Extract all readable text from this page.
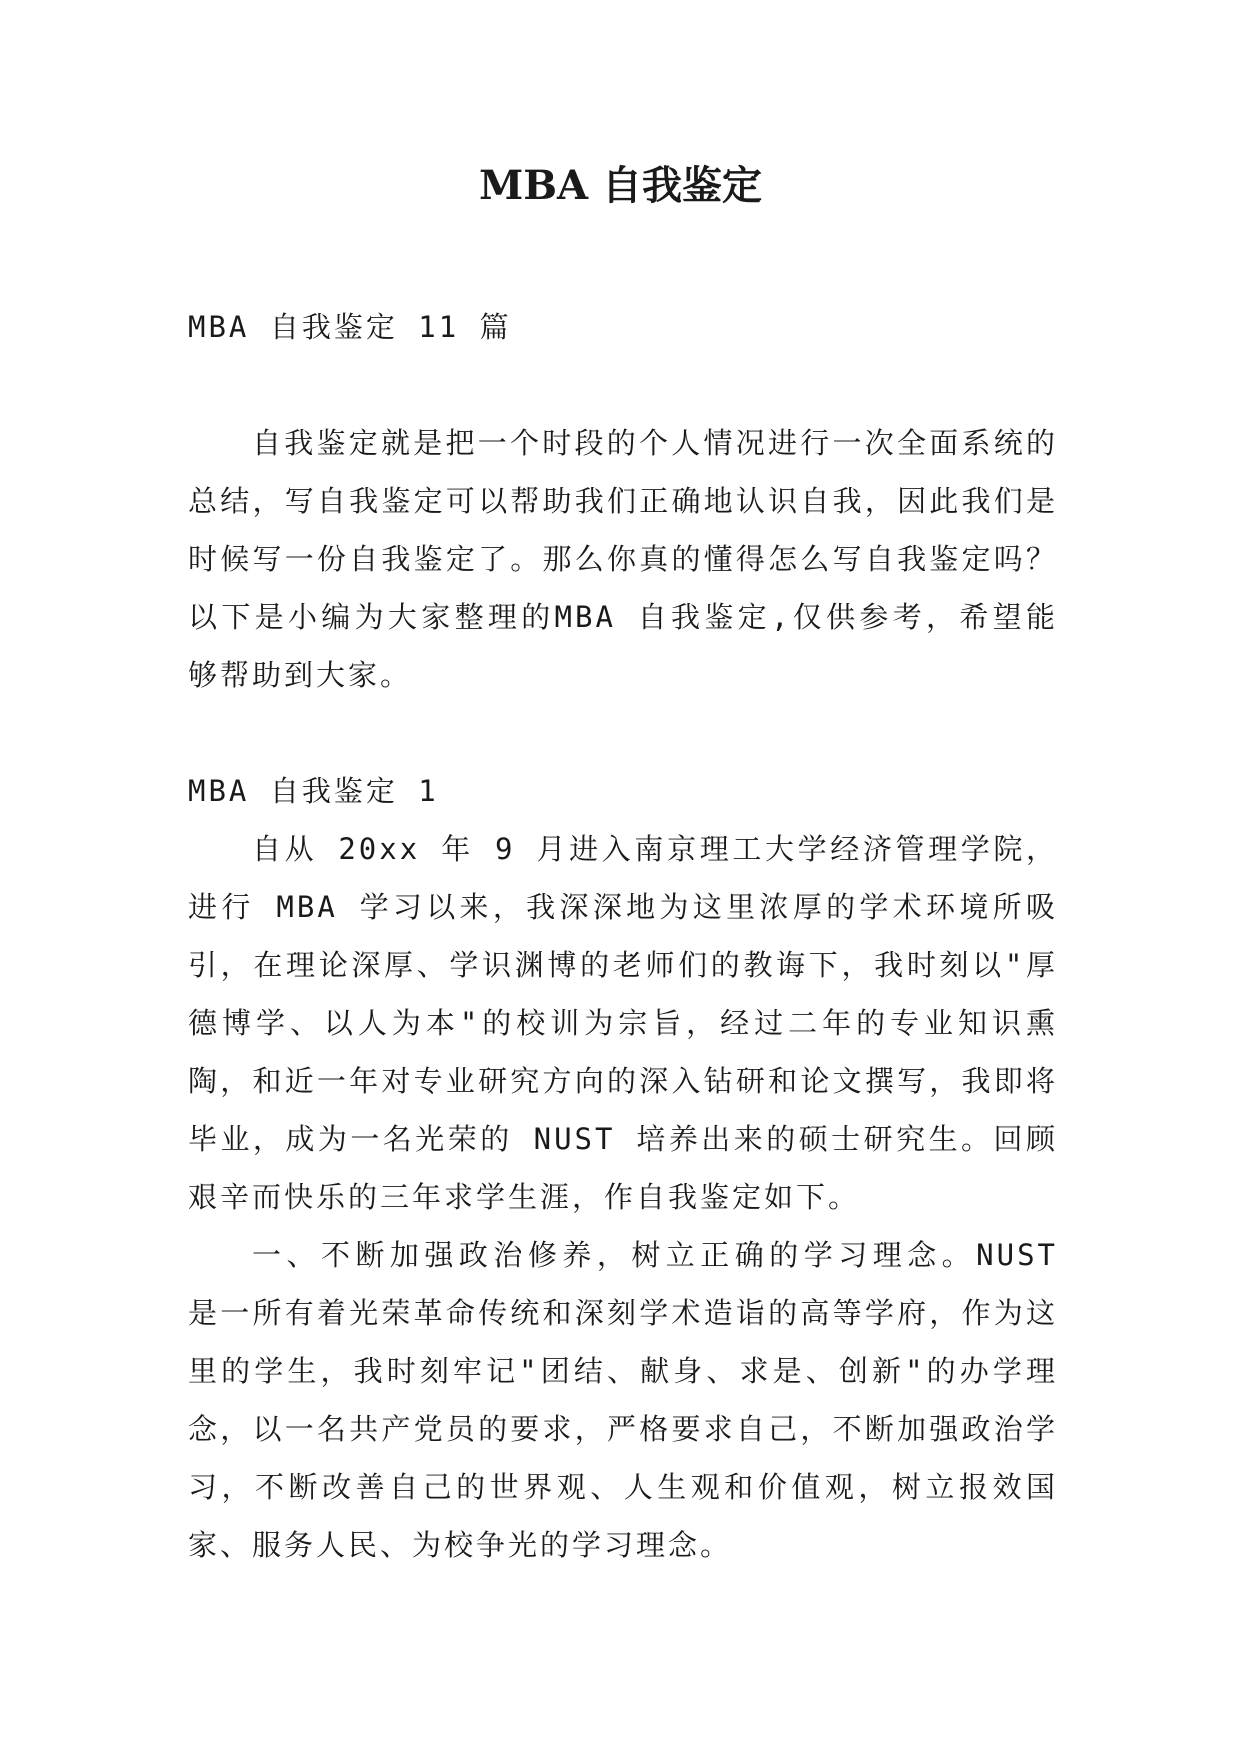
MBA 自我鉴定

MBA 自我鉴定 11 篇

自我鉴定就是把一个时段的个人情况进行一次全面系统的总结，写自我鉴定可以帮助我们正确地认识自我，因此我们是时候写一份自我鉴定了。那么你真的懂得怎么写自我鉴定吗？以下是小编为大家整理的MBA 自我鉴定,仅供参考，希望能够帮助到大家。

MBA 自我鉴定 1

自从 20xx 年 9 月进入南京理工大学经济管理学院，进行 MBA 学习以来，我深深地为这里浓厚的学术环境所吸引，在理论深厚、学识渊博的老师们的教诲下，我时刻以"厚德博学、以人为本"的校训为宗旨，经过二年的专业知识熏陶，和近一年对专业研究方向的深入钻研和论文撰写，我即将毕业，成为一名光荣的 NUST 培养出来的硕士研究生。回顾艰辛而快乐的三年求学生涯，作自我鉴定如下。

一、不断加强政治修养，树立正确的学习理念。NUST 是一所有着光荣革命传统和深刻学术造诣的高等学府，作为这里的学生，我时刻牢记"团结、献身、求是、创新"的办学理念，以一名共产党员的要求，严格要求自己，不断加强政治学习，不断改善自己的世界观、人生观和价值观，树立报效国家、服务人民、为校争光的学习理念。
